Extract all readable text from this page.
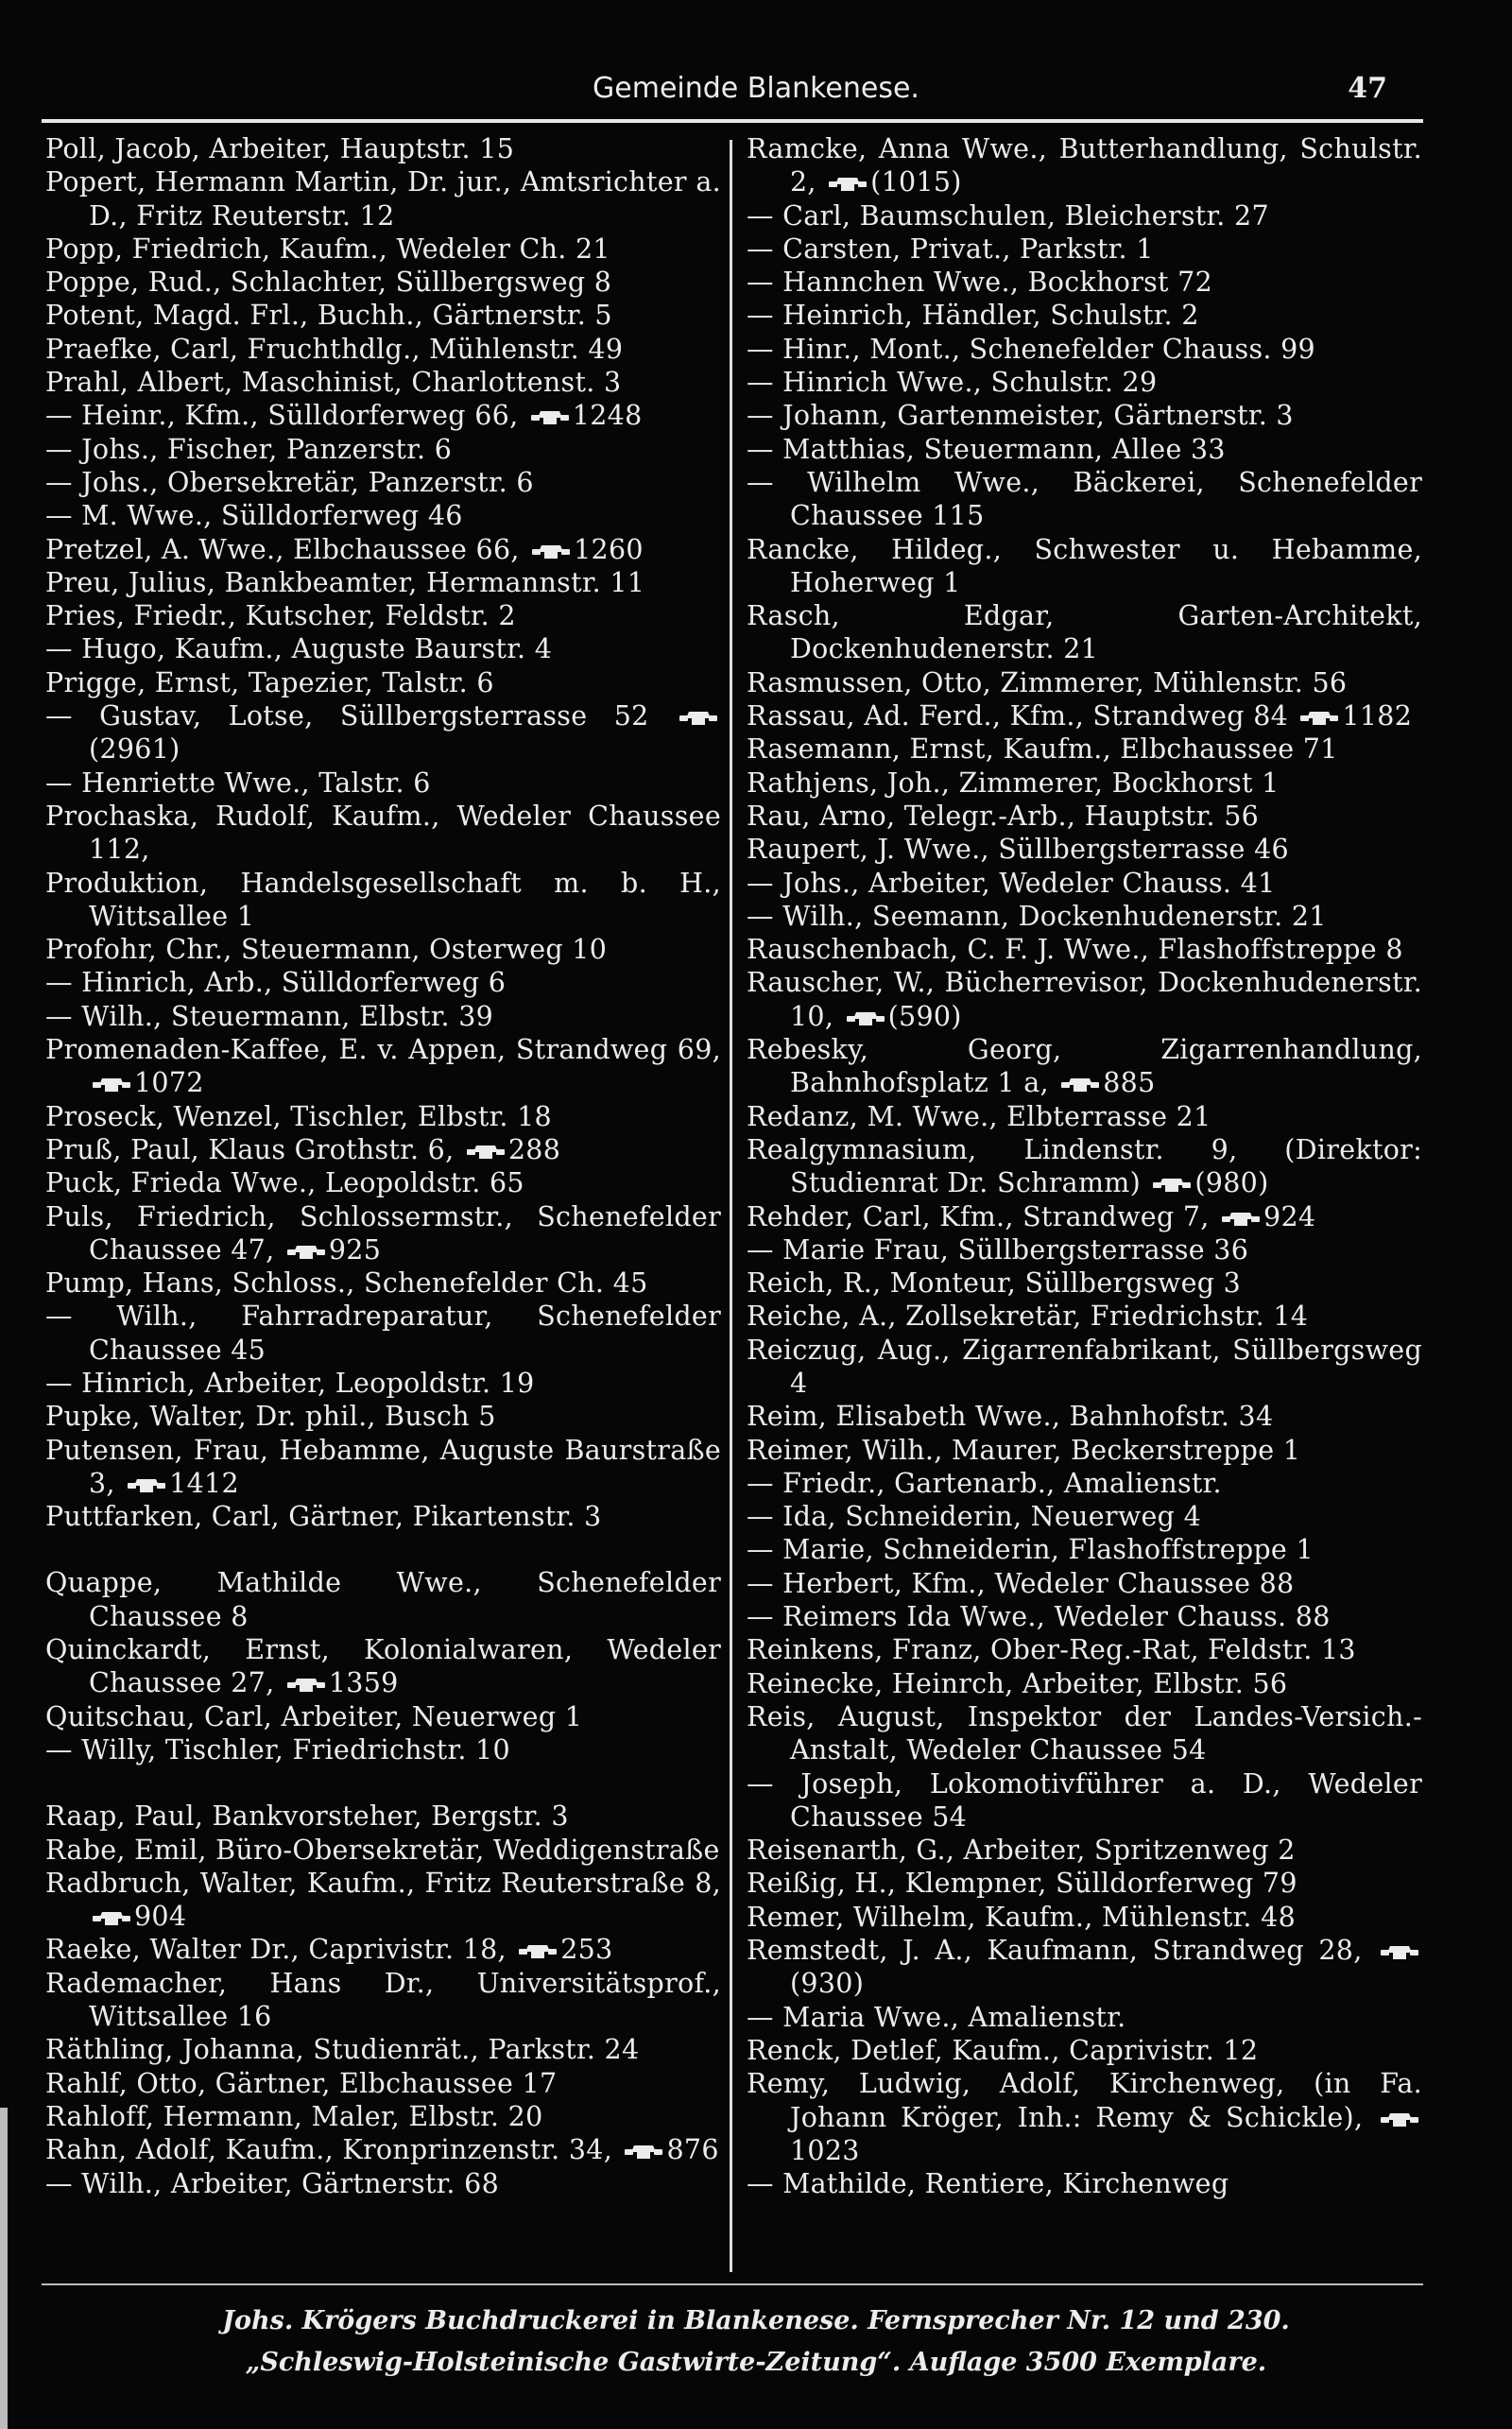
Gemeinde Blankenese.	47
Poll, Jacob, Arbeiter, Hauptstr. 15
Popert, Hermann Martin, Dr. jur., Amtsrichter a. D., Fritz Reuterstr. 12
Popp, Friedrich, Kaufm., Wedeler Ch. 21
Poppe, Rud., Schlachter, Süllbergsweg 8
Potent, Magd. Frl., Buchh., Gärtnerstr. 5
Praefke, Carl, Fruchthdlg., Mühlenstr. 49
Prahl, Albert, Maschinist, Charlottenst. 3
— Heinr., Kfm., Sülldorferweg 66, 1248
— Johs., Fischer, Panzerstr. 6
— Johs., Obersekretär, Panzerstr. 6
— M. Wwe., Sülldorferweg 46
Pretzel, A. Wwe., Elbchaussee 66, 1260
Preu, Julius, Bankbeamter, Hermannstr. 11
Pries, Friedr., Kutscher, Feldstr. 2
— Hugo, Kaufm., Auguste Baurstr. 4
Prigge, Ernst, Tapezier, Talstr. 6
— Gustav, Lotse, Süllbergsterrasse 52
(2961)
— Henriette Wwe., Talstr. 6
Prochaska, Rudolf, Kaufm., Wedeler Chaussee 112,
Produktion, Handelsgesellschaft m. b. H., Wittsallee 1
Profohr, Chr., Steuermann, Osterweg 10
— Hinrich, Arb., Sülldorferweg 6
— Wilh., Steuermann, Elbstr. 39
Promenaden-Kaffee, E. v. Appen, Strandweg 69,
1072
Proseck, Wenzel, Tischler, Elbstr. 18
Pruß, Paul, Klaus Grothstr. 6, 288
Puck, Frieda Wwe., Leopoldstr. 65
Puls, Friedrich, Schlossermstr., Schenefelder Chaussee 47, 925
Pump, Hans, Schloss., Schenefelder Ch. 45
— Wilh., Fahrradreparatur, Schenefelder Chaussee 45
— Hinrich, Arbeiter, Leopoldstr. 19
Pupke, Walter, Dr. phil., Busch 5
Putensen, Frau, Hebamme, Auguste Baurstraße 3, 1412
Puttfarken, Carl, Gärtner, Pikartenstr. 3
Quappe, Mathilde Wwe., Schenefelder Chaussee 8
Quinckardt, Ernst, Kolonialwaren, Wedeler Chaussee 27, 1359
Quitschau, Carl, Arbeiter, Neuerweg 1
— Willy, Tischler, Friedrichstr. 10
Raap, Paul, Bankvorsteher, Bergstr. 3
Rabe, Emil, Büro-Obersekretär, Weddigenstraße
Radbruch, Walter, Kaufm., Fritz Reuterstraße 8,
904
Raeke, Walter Dr., Caprivistr. 18, 253
Rademacher, Hans Dr., Universitätsprof., Wittsallee 16
Räthling, Johanna, Studienrät., Parkstr. 24
Rahlf, Otto, Gärtner, Elbchaussee 17
Rahloff, Hermann, Maler, Elbstr. 20
Rahn, Adolf, Kaufm., Kronprinzenstr. 34, 876
— Wilh., Arbeiter, Gärtnerstr. 68
Ramcke, Anna Wwe., Butterhandlung, Schulstr. 2, (1015)
— Carl, Baumschulen, Bleicherstr. 27
— Carsten, Privat., Parkstr. 1
— Hannchen Wwe., Bockhorst 72
— Heinrich, Händler, Schulstr. 2
— Hinr., Mont., Schenefelder Chauss. 99
— Hinrich Wwe., Schulstr. 29
— Johann, Gartenmeister, Gärtnerstr. 3
— Matthias, Steuermann, Allee 33
— Wilhelm Wwe., Bäckerei, Schenefelder Chaussee 115
Rancke, Hildeg., Schwester u. Hebamme, Hoherweg 1
Rasch, Edgar, Garten-Architekt, Dockenhudenerstr. 21
Rasmussen, Otto, Zimmerer, Mühlenstr. 56
Rassau, Ad. Ferd., Kfm., Strandweg 84 1182
Rasemann, Ernst, Kaufm., Elbchaussee 71
Rathjens, Joh., Zimmerer, Bockhorst 1
Rau, Arno, Telegr.-Arb., Hauptstr. 56
Raupert, J. Wwe., Süllbergsterrasse 46
— Johs., Arbeiter, Wedeler Chauss. 41
— Wilh., Seemann, Dockenhudenerstr. 21
Rauschenbach, C. F. J. Wwe., Flashoffstreppe 8
Rauscher, W., Bücherrevisor, Dockenhudenerstr. 10, (590)
Rebesky, Georg, Zigarrenhandlung, Bahnhofsplatz 1 a, 885
Redanz, M. Wwe., Elbterrasse 21
Realgymnasium, Lindenstr. 9, (Direktor: Studienrat Dr. Schramm) (980)
Rehder, Carl, Kfm., Strandweg 7, 924
— Marie Frau, Süllbergsterrasse 36
Reich, R., Monteur, Süllbergsweg 3
Reiche, A., Zollsekretär, Friedrichstr. 14
Reiczug, Aug., Zigarrenfabrikant, Süllbergsweg 4
Reim, Elisabeth Wwe., Bahnhofstr. 34
Reimer, Wilh., Maurer, Beckerstreppe 1
— Friedr., Gartenarb., Amalienstr.
— Ida, Schneiderin, Neuerweg 4
— Marie, Schneiderin, Flashoffstreppe 1
— Herbert, Kfm., Wedeler Chaussee 88
— Reimers Ida Wwe., Wedeler Chauss. 88
Reinkens, Franz, Ober-Reg.-Rat, Feldstr. 13
Reinecke, Heinrch, Arbeiter, Elbstr. 56
Reis, August, Inspektor der Landes-Versich.-Anstalt, Wedeler Chaussee 54
— Joseph, Lokomotivführer a. D., Wedeler Chaussee 54
Reisenarth, G., Arbeiter, Spritzenweg 2
Reißig, H., Klempner, Sülldorferweg 79
Remer, Wilhelm, Kaufm., Mühlenstr. 48
Remstedt, J. A., Kaufmann, Strandweg 28,
(930)
— Maria Wwe., Amalienstr.
Renck, Detlef, Kaufm., Caprivistr. 12
Remy, Ludwig, Adolf, Kirchenweg, (in Fa. Johann Kröger, Inh.: Remy & Schickle),
1023
— Mathilde, Rentiere, Kirchenweg
Johs. Krögers Buchdruckerei in Blankenese. Fernsprecher Nr. 12 und 230.
„Schleswig-Holsteinische Gastwirte-Zeitung“. Auflage 3500 Exemplare.
